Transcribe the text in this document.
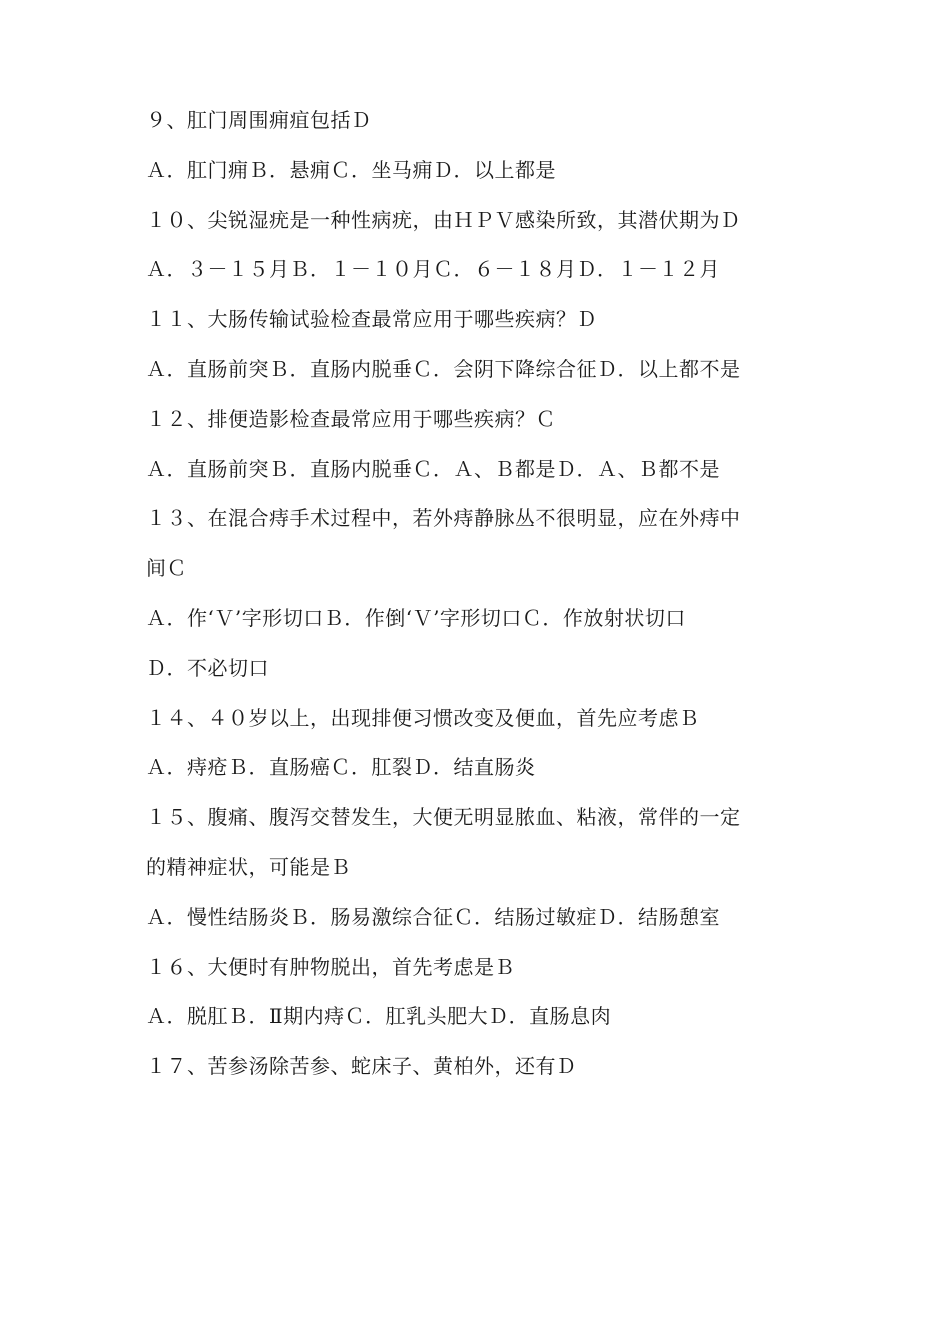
９、肛门周围痈疽包括Ｄ
Ａ．肛门痈Ｂ．悬痈Ｃ．坐马痈Ｄ．以上都是
１０、尖锐湿疣是一种性病疣，由ＨＰＶ感染所致，其潜伏期为Ｄ
Ａ．３－１５月Ｂ．１－１０月Ｃ．６－１８月Ｄ．１－１２月
１１、大肠传输试验检查最常应用于哪些疾病？Ｄ
Ａ．直肠前突Ｂ．直肠内脱垂Ｃ．会阴下降综合征Ｄ．以上都不是
１２、排便造影检查最常应用于哪些疾病？Ｃ
Ａ．直肠前突Ｂ．直肠内脱垂Ｃ．Ａ、Ｂ都是Ｄ．Ａ、Ｂ都不是
１３、在混合痔手术过程中，若外痔静脉丛不很明显，应在外痔中
间Ｃ
Ａ．作‘Ｖ’字形切口Ｂ．作倒‘Ｖ’字形切口Ｃ．作放射状切口
Ｄ．不必切口
１４、４０岁以上，出现排便习惯改变及便血，首先应考虑Ｂ
Ａ．痔疮Ｂ．直肠癌Ｃ．肛裂Ｄ．结直肠炎
１５、腹痛、腹泻交替发生，大便无明显脓血、粘液，常伴的一定
的精神症状，可能是Ｂ
Ａ．慢性结肠炎Ｂ．肠易激综合征Ｃ．结肠过敏症Ｄ．结肠憩室
１６、大便时有肿物脱出，首先考虑是Ｂ
Ａ．脱肛Ｂ．Ⅱ期内痔Ｃ．肛乳头肥大Ｄ．直肠息肉
１７、苦参汤除苦参、蛇床子、黄柏外，还有Ｄ
